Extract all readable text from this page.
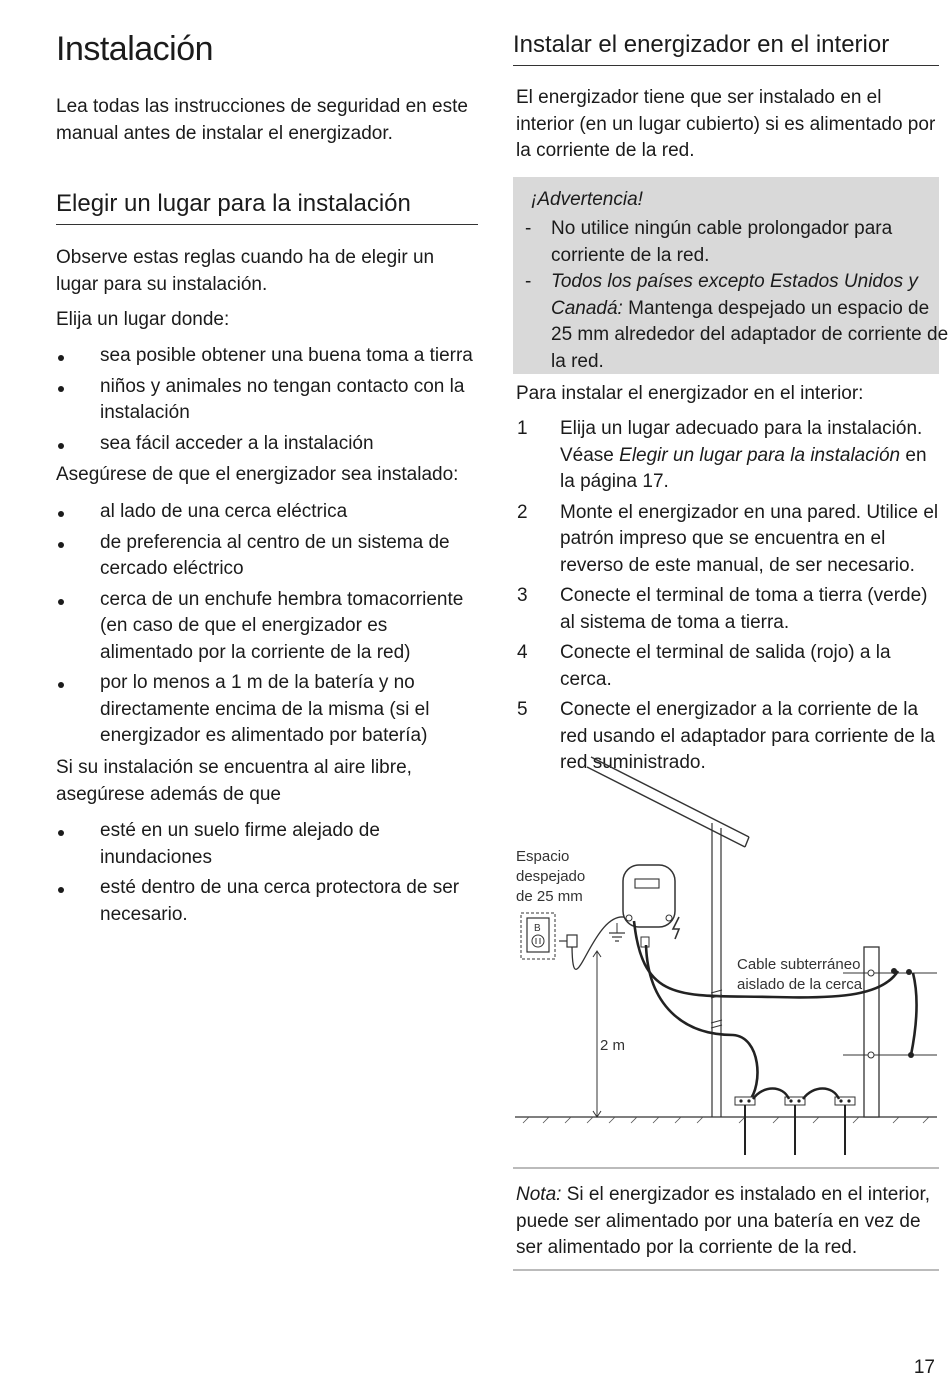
Instalación

Lea todas las instrucciones de seguridad en este manual antes de instalar el energizador.

Elegir un lugar para la instalación

Observe estas reglas cuando ha de elegir un lugar para su instalación.

Elija un lugar donde:

sea posible obtener una buena toma a tierra
niños y animales no tengan contacto con la instalación
sea fácil acceder a la instalación

Asegúrese de que el energizador sea instalado:

al lado de una cerca eléctrica
de preferencia al centro de un sistema de cercado eléctrico
cerca de un enchufe hembra tomacorriente (en caso de que el energizador es alimentado por la corriente de la red)
por lo menos a 1 m de la batería y no directamente encima de la misma (si el energizador es alimentado por batería)

Si su instalación se encuentra al aire libre, asegúrese además de que

esté en un suelo firme alejado de inundaciones
esté dentro de una cerca protectora de ser necesario.
Instalar el energizador en el interior

El energizador tiene que ser instalado en el interior (en un lugar cubierto) si es alimentado por la corriente de la red.

¡Advertencia!
- No utilice ningún cable prolongador para corriente de la red.
- Todos los países excepto Estados Unidos y Canadá: Mantenga despejado un espacio de 25 mm alrededor del adaptador de corriente de la red.

Para instalar el energizador en el interior:

1 Elija un lugar adecuado para la instalación. Véase Elegir un lugar para la instalación en la página 17.
2 Monte el energizador en una pared. Utilice el patrón impreso que se encuentra en el reverso de este manual, de ser necesario.
3 Conecte el terminal de toma a tierra (verde) al sistema de toma a tierra.
4 Conecte el terminal de salida (rojo) a la cerca.
5 Conecte el energizador a la corriente de la red usando el adaptador para corriente de la red suministrado.
Nota: Si el energizador es instalado en el interior, puede ser alimentado por una batería en vez de ser alimentado por la corriente de la red.
Espacio
despejado
de 25 mm
B
2 m
Cable subterráneo
aislado de la cerca
17
